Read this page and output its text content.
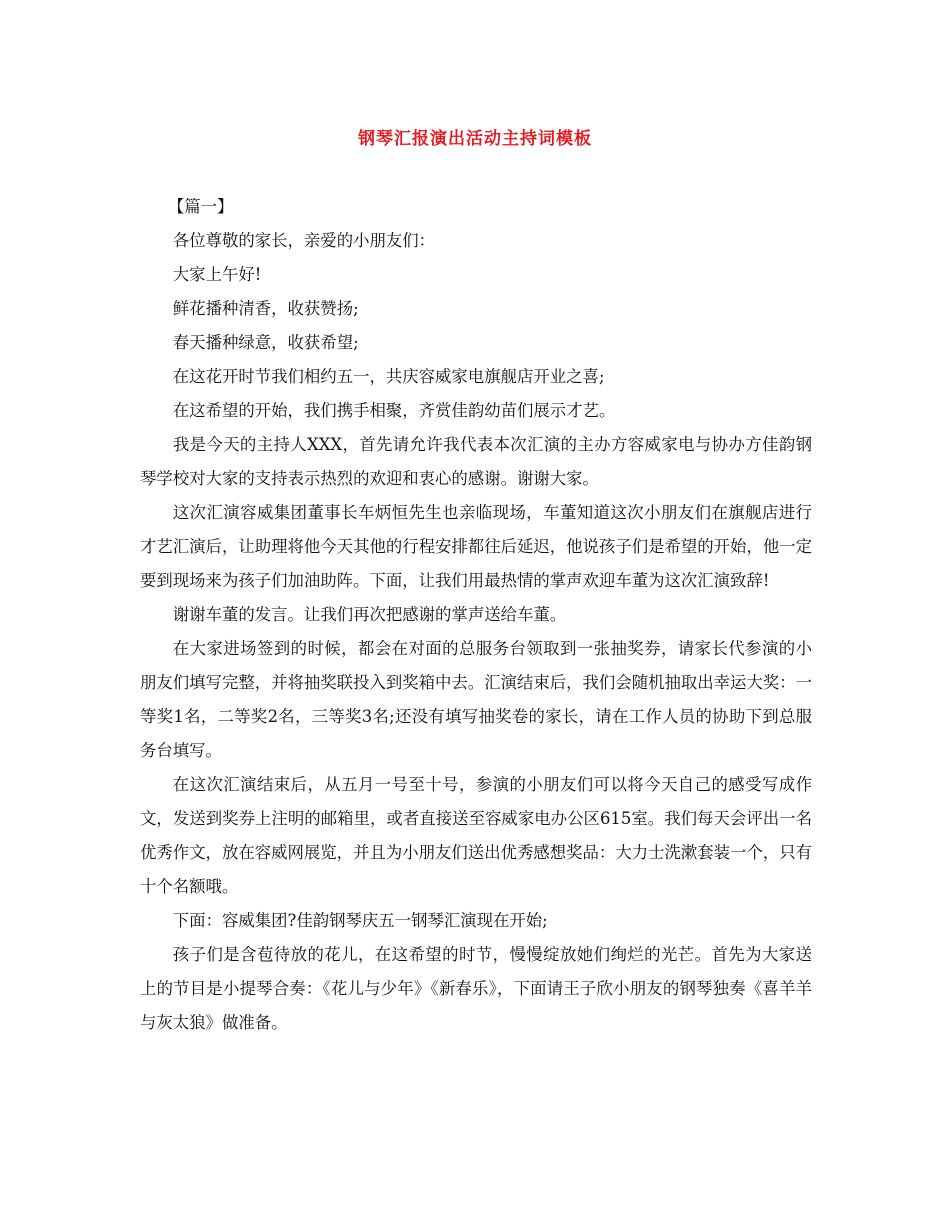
钢琴汇报演出活动主持词模板

【篇一】

各位尊敬的家长，亲爱的小朋友们：

大家上午好!

鲜花播种清香，收获赞扬;

春天播种绿意，收获希望;

在这花开时节我们相约五一，共庆容威家电旗舰店开业之喜;

在这希望的开始，我们携手相聚，齐赏佳韵幼苗们展示才艺。

我是今天的主持人XXX，首先请允许我代表本次汇演的主办方容威家电与协办方佳韵钢琴学校对大家的支持表示热烈的欢迎和衷心的感谢。谢谢大家。

这次汇演容威集团董事长车炳恒先生也亲临现场，车董知道这次小朋友们在旗舰店进行才艺汇演后，让助理将他今天其他的行程安排都往后延迟，他说孩子们是希望的开始，他一定要到现场来为孩子们加油助阵。下面，让我们用最热情的掌声欢迎车董为这次汇演致辞!

谢谢车董的发言。让我们再次把感谢的掌声送给车董。

在大家进场签到的时候，都会在对面的总服务台领取到一张抽奖券，请家长代参演的小朋友们填写完整，并将抽奖联投入到奖箱中去。汇演结束后，我们会随机抽取出幸运大奖：一等奖1名，二等奖2名，三等奖3名;还没有填写抽奖卷的家长，请在工作人员的协助下到总服务台填写。

在这次汇演结束后，从五月一号至十号，参演的小朋友们可以将今天自己的感受写成作文，发送到奖券上注明的邮箱里，或者直接送至容威家电办公区615室。我们每天会评出一名优秀作文，放在容威网展览，并且为小朋友们送出优秀感想奖品：大力士洗漱套装一个，只有十个名额哦。

下面：容威集团?佳韵钢琴庆五一钢琴汇演现在开始;

孩子们是含苞待放的花儿，在这希望的时节，慢慢绽放她们绚烂的光芒。首先为大家送上的节目是小提琴合奏：《花儿与少年》《新春乐》，下面请王子欣小朋友的钢琴独奏《喜羊羊与灰太狼》做准备。
